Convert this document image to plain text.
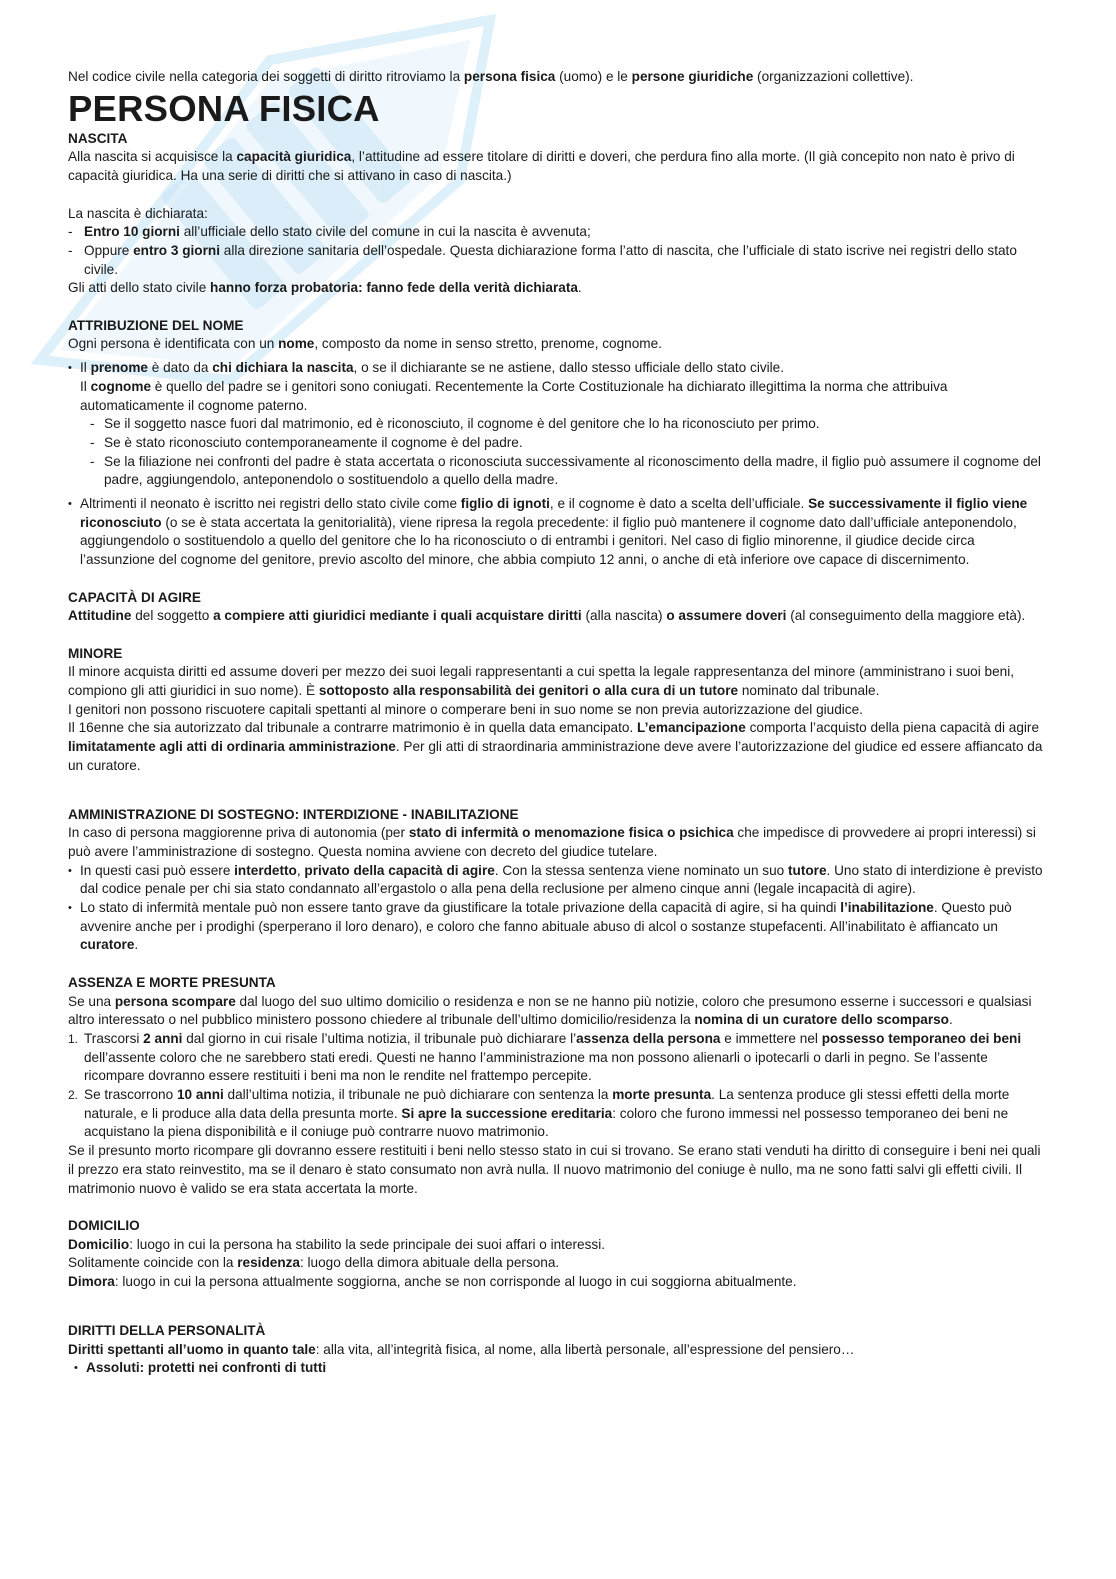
Nel codice civile nella categoria dei soggetti di diritto ritroviamo la persona fisica (uomo) e le persone giuridiche (organizzazioni collettive).

PERSONA FISICA

NASCITA

Alla nascita si acquisisce la capacità giuridica, l’attitudine ad essere titolare di diritti e doveri, che perdura fino alla morte. (Il già concepito non nato è privo di capacità giuridica. Ha una serie di diritti che si attivano in caso di nascita.)

La nascita è dichiarata:

- Entro 10 giorni all’ufficiale dello stato civile del comune in cui la nascita è avvenuta;
- Oppure entro 3 giorni alla direzione sanitaria dell’ospedale. Questa dichiarazione forma l’atto di nascita, che l’ufficiale di stato iscrive nei registri dello stato civile.

Gli atti dello stato civile hanno forza probatoria: fanno fede della verità dichiarata.

ATTRIBUZIONE DEL NOME

Ogni persona è identificata con un nome, composto da nome in senso stretto, prenome, cognome.

• Il prenome è dato da chi dichiara la nascita, o se il dichiarante se ne astiene, dallo stesso ufficiale dello stato civile.
Il cognome è quello del padre se i genitori sono coniugati. Recentemente la Corte Costituzionale ha dichiarato illegittima la norma che attribuiva automaticamente il cognome paterno.
- Se il soggetto nasce fuori dal matrimonio, ed è riconosciuto, il cognome è del genitore che lo ha riconosciuto per primo.
- Se è stato riconosciuto contemporaneamente il cognome è del padre.
- Se la filiazione nei confronti del padre è stata accertata o riconosciuta successivamente al riconoscimento della madre, il figlio può assumere il cognome del padre, aggiungendolo, anteponendolo o sostituendolo a quello della madre.
• Altrimenti il neonato è iscritto nei registri dello stato civile come figlio di ignoti, e il cognome è dato a scelta dell’ufficiale. Se successivamente il figlio viene riconosciuto (o se è stata accertata la genitorialità), viene ripresa la regola precedente: il figlio può mantenere il cognome dato dall’ufficiale anteponendolo, aggiungendolo o sostituendolo a quello del genitore che lo ha riconosciuto o di entrambi i genitori. Nel caso di figlio minorenne, il giudice decide circa l’assunzione del cognome del genitore, previo ascolto del minore, che abbia compiuto 12 anni, o anche di età inferiore ove capace di discernimento.

CAPACITÀ DI AGIRE

Attitudine del soggetto a compiere atti giuridici mediante i quali acquistare diritti (alla nascita) o assumere doveri (al conseguimento della maggiore età).

MINORE

Il minore acquista diritti ed assume doveri per mezzo dei suoi legali rappresentanti a cui spetta la legale rappresentanza del minore (amministrano i suoi beni, compiono gli atti giuridici in suo nome). È sottoposto alla responsabilità dei genitori o alla cura di un tutore nominato dal tribunale.

I genitori non possono riscuotere capitali spettanti al minore o comperare beni in suo nome se non previa autorizzazione del giudice.

Il 16enne che sia autorizzato dal tribunale a contrarre matrimonio è in quella data emancipato. L’emancipazione comporta l’acquisto della piena capacità di agire limitatamente agli atti di ordinaria amministrazione. Per gli atti di straordinaria amministrazione deve avere l’autorizzazione del giudice ed essere affiancato da un curatore.

AMMINISTRAZIONE DI SOSTEGNO: INTERDIZIONE - INABILITAZIONE

In caso di persona maggiorenne priva di autonomia (per stato di infermità o menomazione fisica o psichica che impedisce di provvedere ai propri interessi) si può avere l’amministrazione di sostegno. Questa nomina avviene con decreto del giudice tutelare.

• In questi casi può essere interdetto, privato della capacità di agire. Con la stessa sentenza viene nominato un suo tutore. Uno stato di interdizione è previsto dal codice penale per chi sia stato condannato all’ergastolo o alla pena della reclusione per almeno cinque anni (legale incapacità di agire).
• Lo stato di infermità mentale può non essere tanto grave da giustificare la totale privazione della capacità di agire, si ha quindi l’inabilitazione. Questo può avvenire anche per i prodighi (sperperano il loro denaro), e coloro che fanno abituale abuso di alcol o sostanze stupefacenti. All’inabilitato è affiancato un curatore.

ASSENZA E MORTE PRESUNTA

Se una persona scompare dal luogo del suo ultimo domicilio o residenza e non se ne hanno più notizie, coloro che presumono esserne i successori e qualsiasi altro interessato o nel pubblico ministero possono chiedere al tribunale dell’ultimo domicilio/residenza la nomina di un curatore dello scomparso.

1. Trascorsi 2 anni dal giorno in cui risale l’ultima notizia, il tribunale può dichiarare l’assenza della persona e immettere nel possesso temporaneo dei beni dell’assente coloro che ne sarebbero stati eredi. Questi ne hanno l’amministrazione ma non possono alienarli o ipotecarli o darli in pegno. Se l’assente ricompare dovranno essere restituiti i beni ma non le rendite nel frattempo percepite.
2. Se trascorrono 10 anni dall’ultima notizia, il tribunale ne può dichiarare con sentenza la morte presunta. La sentenza produce gli stessi effetti della morte naturale, e li produce alla data della presunta morte. Si apre la successione ereditaria: coloro che furono immessi nel possesso temporaneo dei beni ne acquistano la piena disponibilità e il coniuge può contrarre nuovo matrimonio.

Se il presunto morto ricompare gli dovranno essere restituiti i beni nello stesso stato in cui si trovano. Se erano stati venduti ha diritto di conseguire i beni nei quali il prezzo era stato reinvestito, ma se il denaro è stato consumato non avrà nulla. Il nuovo matrimonio del coniuge è nullo, ma ne sono fatti salvi gli effetti civili. Il matrimonio nuovo è valido se era stata accertata la morte.

DOMICILIO

Domicilio: luogo in cui la persona ha stabilito la sede principale dei suoi affari o interessi.

Solitamente coincide con la residenza: luogo della dimora abituale della persona.

Dimora: luogo in cui la persona attualmente soggiorna, anche se non corrisponde al luogo in cui soggiorna abitualmente.

DIRITTI DELLA PERSONALITÀ

Diritti spettanti all’uomo in quanto tale: alla vita, all’integrità fisica, al nome, alla libertà personale, all’espressione del pensiero…

• Assoluti: protetti nei confronti di tutti
